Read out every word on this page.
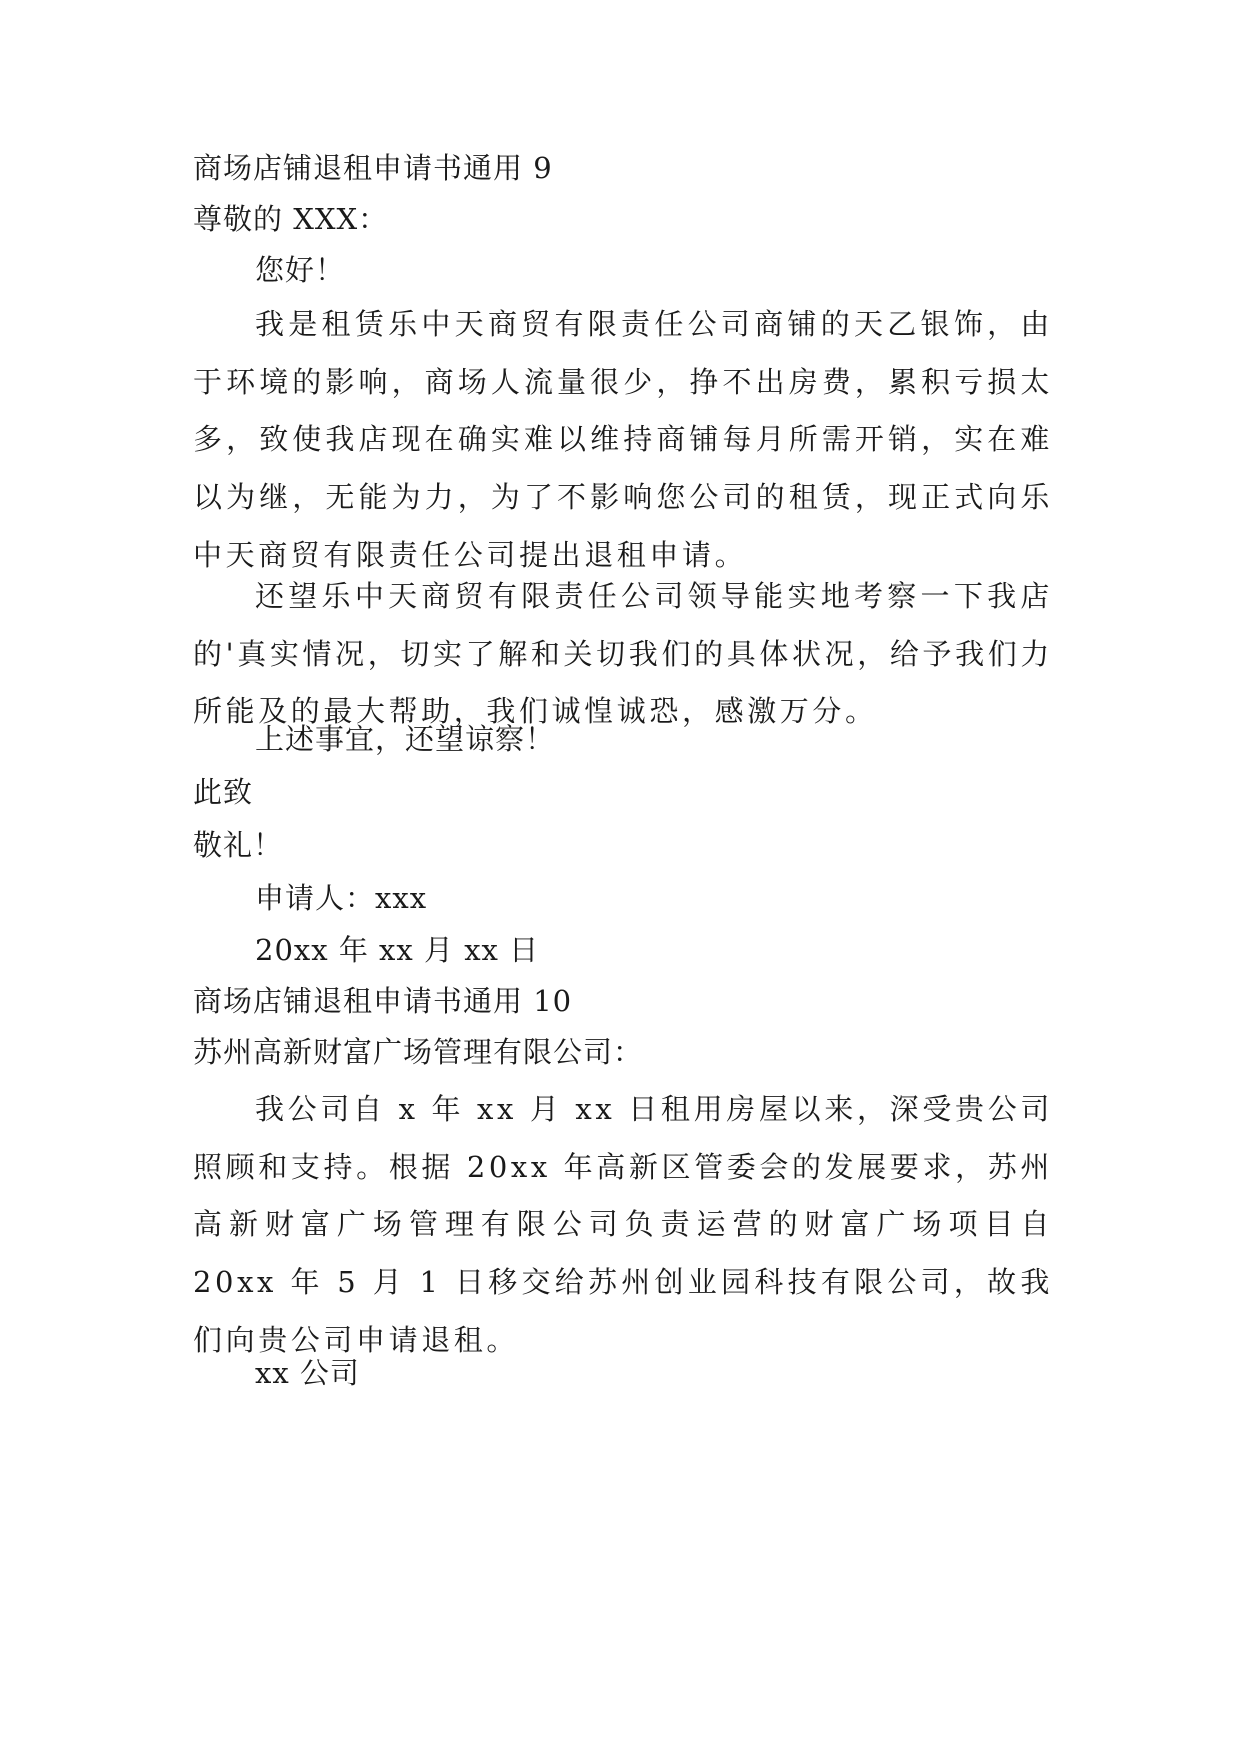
商场店铺退租申请书通用 9
尊敬的 XXX：
您好！

我是租赁乐中天商贸有限责任公司商铺的天乙银饰，由于环境的影响，商场人流量很少，挣不出房费，累积亏损太多，致使我店现在确实难以维持商铺每月所需开销，实在难以为继，无能为力，为了不影响您公司的租赁，现正式向乐中天商贸有限责任公司提出退租申请。

还望乐中天商贸有限责任公司领导能实地考察一下我店的'真实情况，切实了解和关切我们的具体状况，给予我们力所能及的最大帮助，我们诚惶诚恐，感激万分。

上述事宜，还望谅察！
此致
敬礼！
申请人：xxx
20xx 年 xx 月 xx 日
商场店铺退租申请书通用 10
苏州高新财富广场管理有限公司：

我公司自 x 年 xx 月 xx 日租用房屋以来，深受贵公司照顾和支持。根据 20xx 年高新区管委会的发展要求，苏州高新财富广场管理有限公司负责运营的财富广场项目自 20xx 年 5 月 1 日移交给苏州创业园科技有限公司，故我们向贵公司申请退租。

xx 公司
